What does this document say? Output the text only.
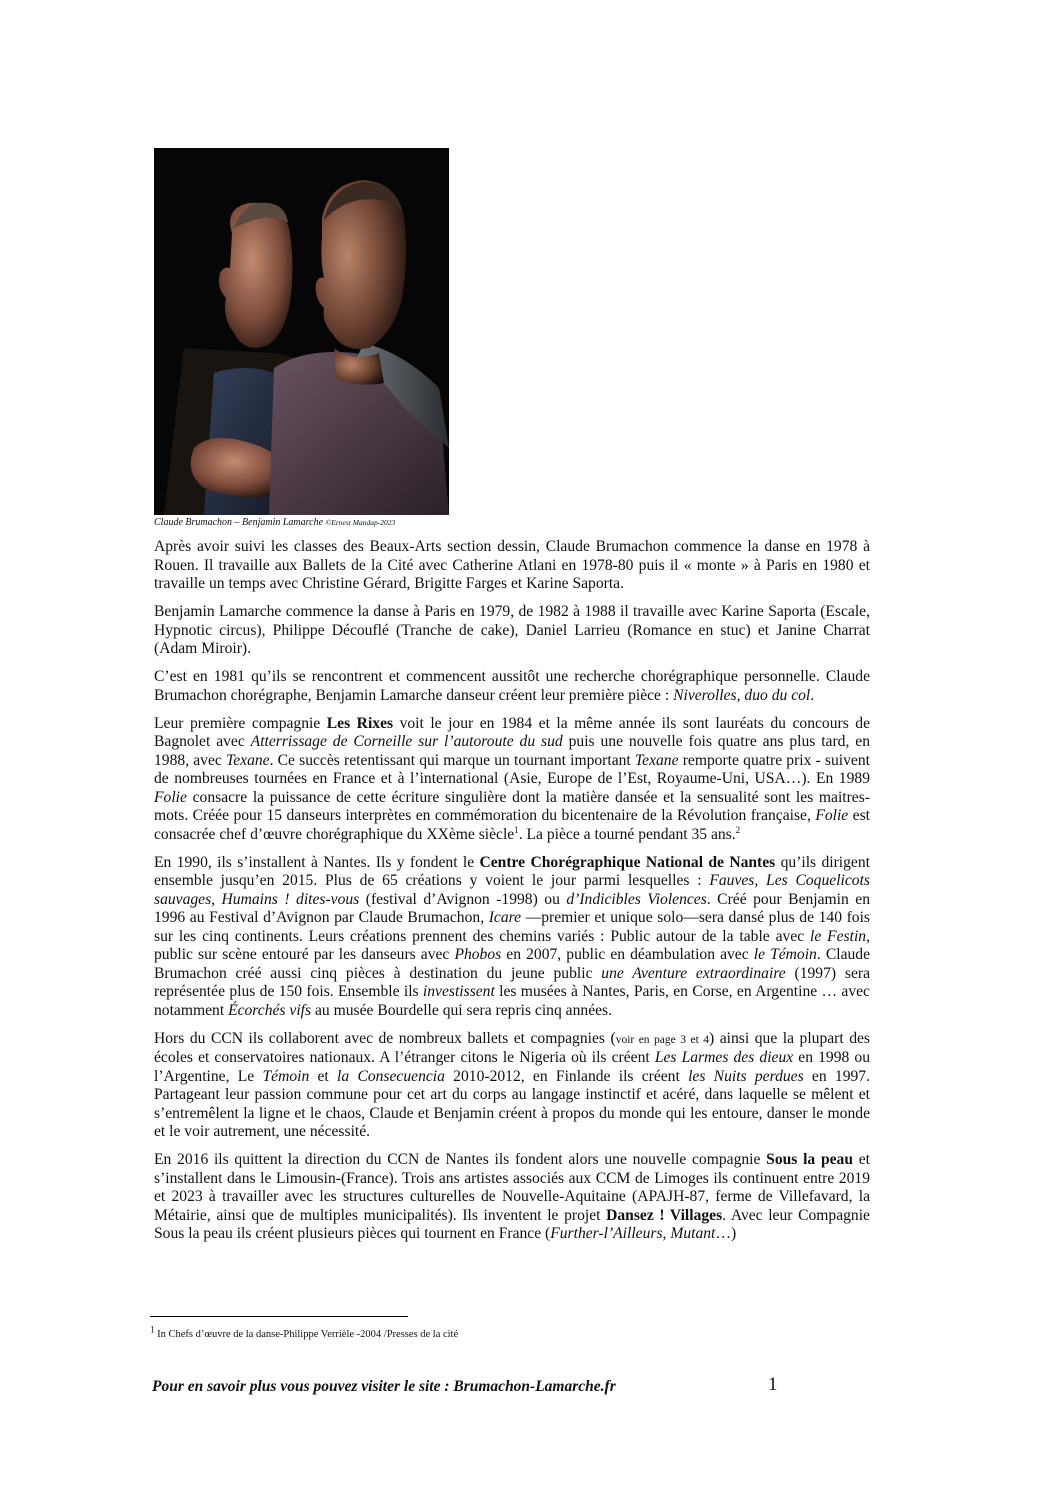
Claude Brumachon – Benjamin Lamarche ©Ernest Mandap-2023

Après avoir suivi les classes des Beaux-Arts section dessin, Claude Brumachon commence la danse en 1978 à Rouen. Il travaille aux Ballets de la Cité avec Catherine Atlani en 1978-80 puis il « monte » à Paris en 1980 et travaille un temps avec Christine Gérard, Brigitte Farges et Karine Saporta.

Benjamin Lamarche commence la danse à Paris en 1979, de 1982 à 1988 il travaille avec Karine Saporta (Escale, Hypnotic circus), Philippe Découflé (Tranche de cake), Daniel Larrieu (Romance en stuc) et Janine Charrat (Adam Miroir).

C’est en 1981 qu’ils se rencontrent et commencent aussitôt une recherche chorégraphique personnelle. Claude Brumachon chorégraphe, Benjamin Lamarche danseur créent leur première pièce : Niverolles, duo du col.

Leur première compagnie Les Rixes voit le jour en 1984 et la même année ils sont lauréats du concours de Bagnolet avec Atterrissage de Corneille sur l’autoroute du sud puis une nouvelle fois quatre ans plus tard, en 1988, avec Texane. Ce succès retentissant qui marque un tournant important Texane remporte quatre prix - suivent de nombreuses tournées en France et à l’international (Asie, Europe de l’Est, Royaume-Uni, USA…). En 1989 Folie consacre la puissance de cette écriture singulière dont la matière dansée et la sensualité sont les maitres-mots. Créée pour 15 danseurs interprètes en commémoration du bicentenaire de la Révolution française, Folie est consacrée chef d’œuvre chorégraphique du XXème siècle$^1$. La pièce a tourné pendant 35 ans.$^2$

En 1990, ils s’installent à Nantes. Ils y fondent le Centre Chorégraphique National de Nantes qu’ils dirigent ensemble jusqu’en 2015. Plus de 65 créations y voient le jour parmi lesquelles : Fauves, Les Coquelicots sauvages, Humains ! dites-vous (festival d’Avignon -1998) ou d’Indicibles Violences. Créé pour Benjamin en 1996 au Festival d’Avignon par Claude Brumachon, Icare —premier et unique solo—sera dansé plus de 140 fois sur les cinq continents. Leurs créations prennent des chemins variés : Public autour de la table avec le Festin, public sur scène entouré par les danseurs avec Phobos en 2007, public en déambulation avec le Témoin. Claude Brumachon créé aussi cinq pièces à destination du jeune public une Aventure extraordinaire (1997) sera représentée plus de 150 fois. Ensemble ils investissent les musées à Nantes, Paris, en Corse, en Argentine … avec notamment Écorchés vifs au musée Bourdelle qui sera repris cinq années.

Hors du CCN ils collaborent avec de nombreux ballets et compagnies (voir en page 3 et 4) ainsi que la plupart des écoles et conservatoires nationaux. A l’étranger citons le Nigeria où ils créent Les Larmes des dieux en 1998 ou l’Argentine, Le Témoin et la Consecuencia 2010-2012, en Finlande ils créent les Nuits perdues en 1997. Partageant leur passion commune pour cet art du corps au langage instinctif et acéré, dans laquelle se mêlent et s’entremêlent la ligne et le chaos, Claude et Benjamin créent à propos du monde qui les entoure, danser le monde et le voir autrement, une nécessité.

En 2016 ils quittent la direction du CCN de Nantes ils fondent alors une nouvelle compagnie Sous la peau et s’installent dans le Limousin-(France). Trois ans artistes associés aux CCM de Limoges ils continuent entre 2019 et 2023 à travailler avec les structures culturelles de Nouvelle-Aquitaine (APAJH-87, ferme de Villefavard, la Métairie, ainsi que de multiples municipalités). Ils inventent le projet Dansez ! Villages. Avec leur Compagnie Sous la peau ils créent plusieurs pièces qui tournent en France (Further-l’Ailleurs, Mutant…)

$^1$ In Chefs d’œuvre de la danse-Philippe Verrièle -2004 /Presses de la cité
Pour en savoir plus vous pouvez visiter le site : Brumachon-Lamarche.fr	1
